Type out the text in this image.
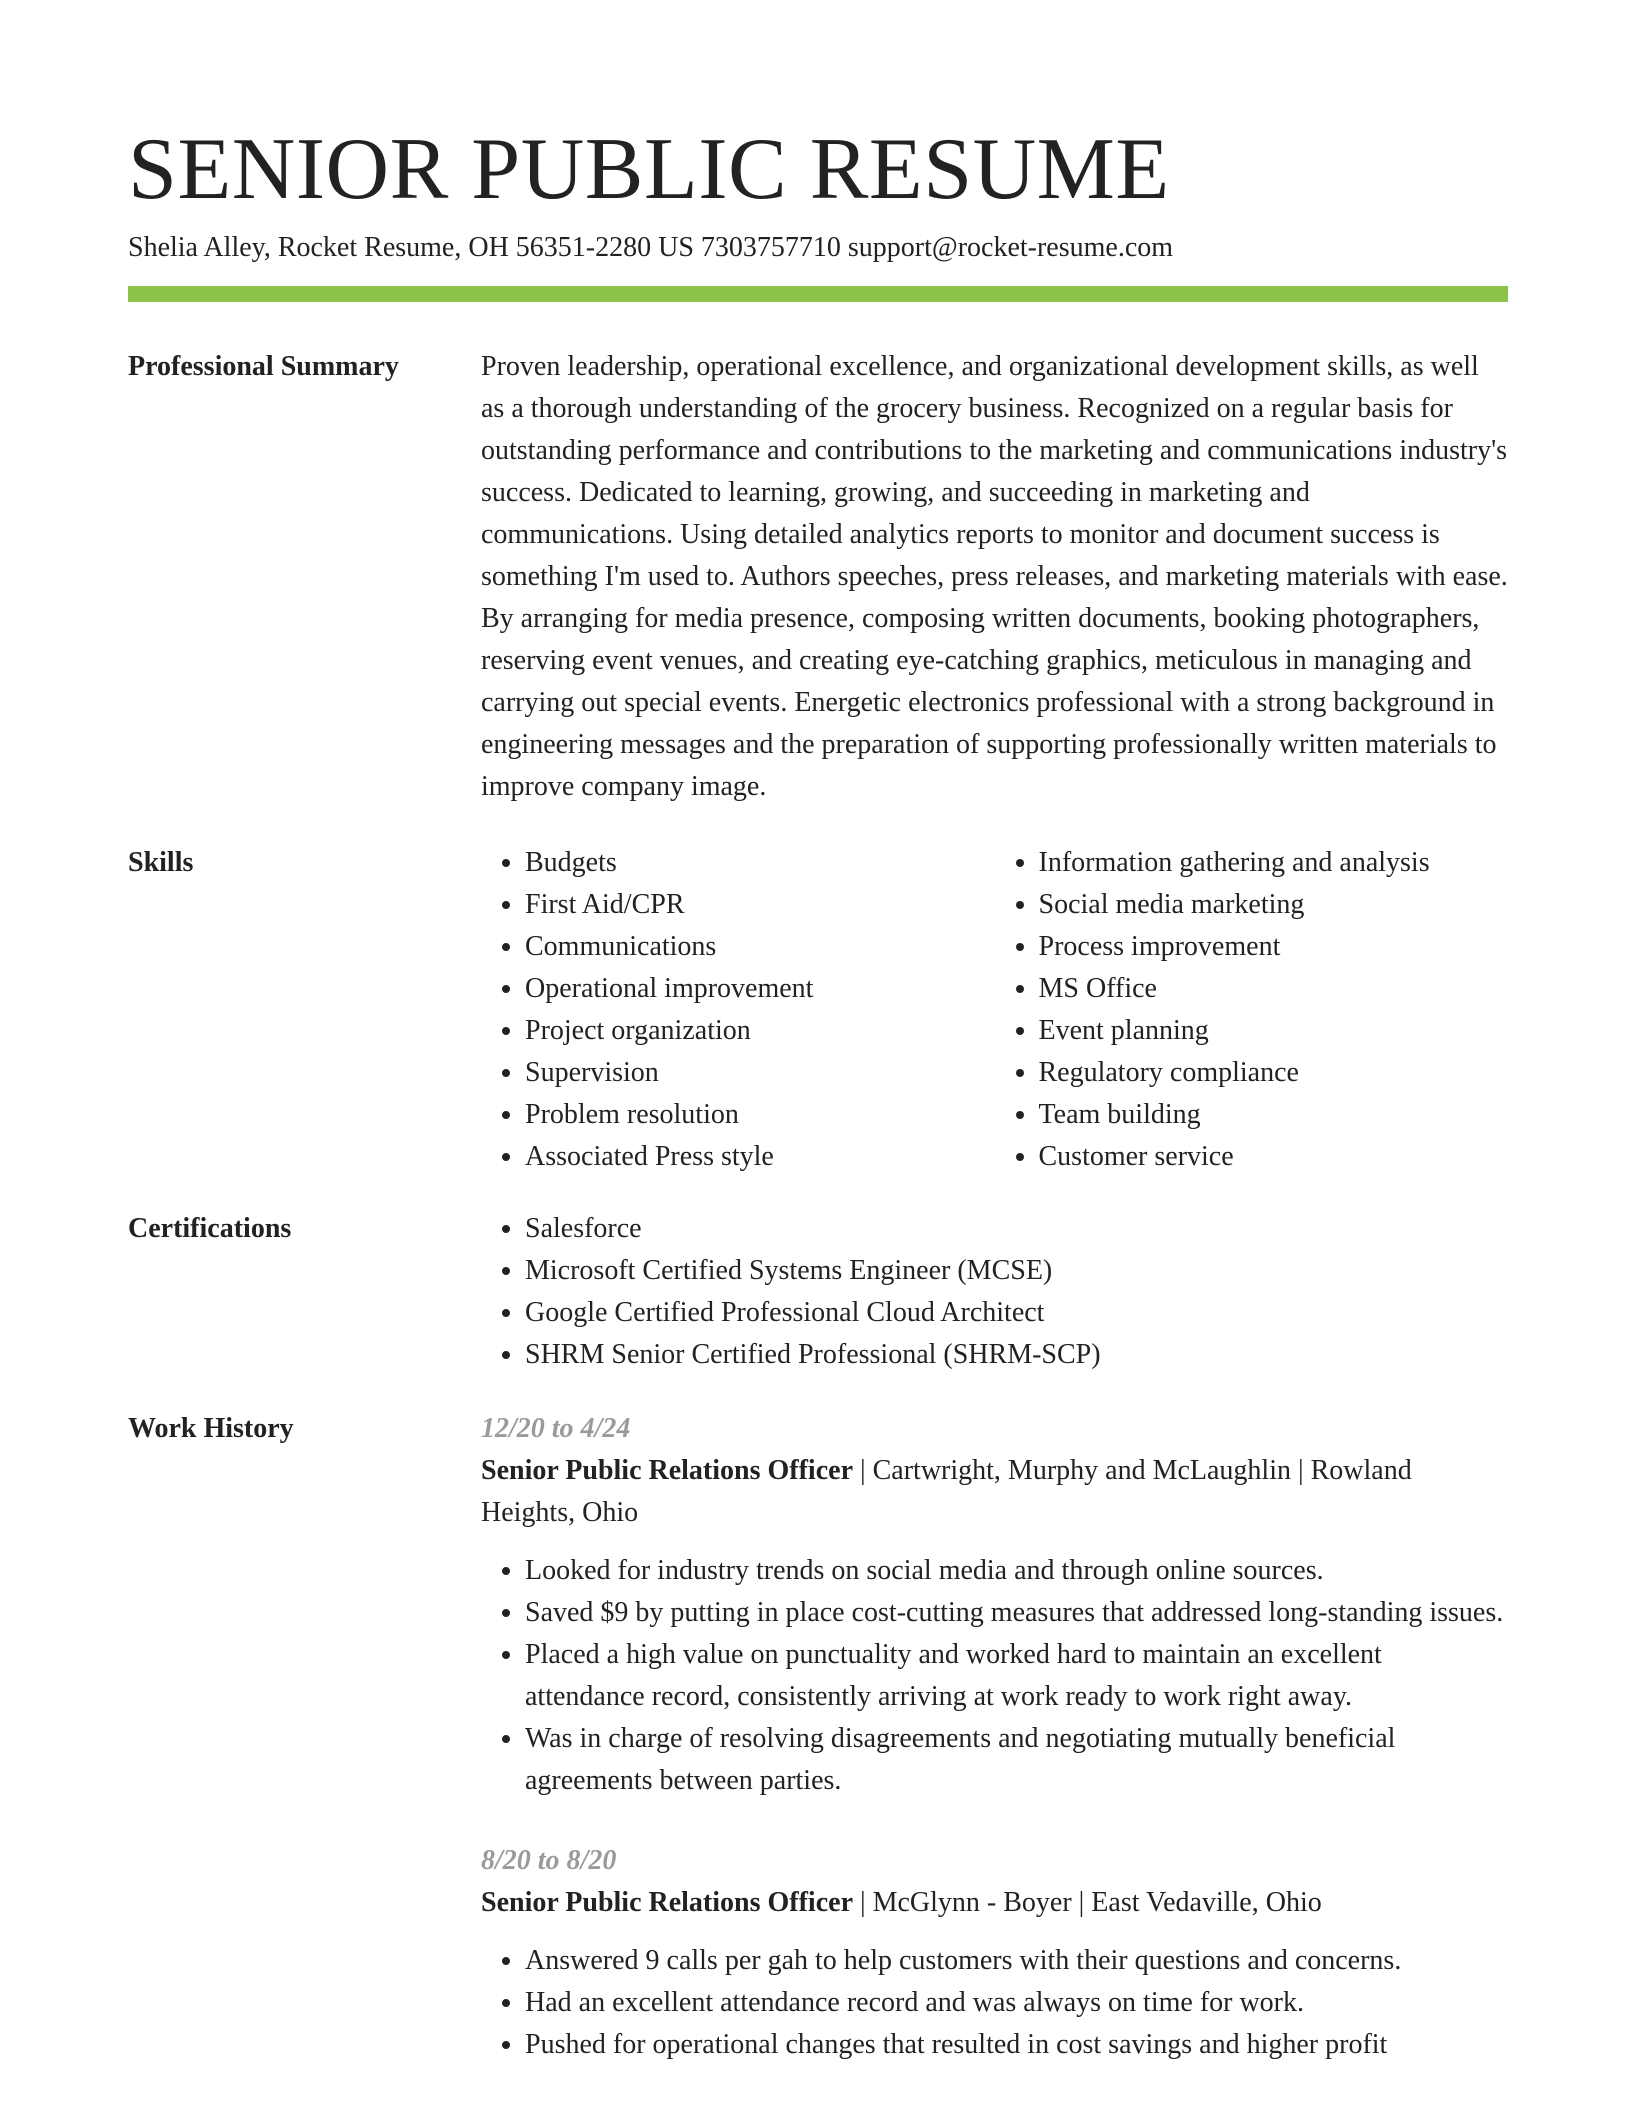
SENIOR PUBLIC RESUME
Shelia Alley, Rocket Resume, OH 56351-2280 US 7303757710 support@rocket-resume.com
Professional Summary	Proven leadership, operational excellence, and organizational development skills, as well as a thorough understanding of the grocery business. Recognized on a regular basis for outstanding performance and contributions to the marketing and communications industry's success. Dedicated to learning, growing, and succeeding in marketing and communications. Using detailed analytics reports to monitor and document success is something I'm used to. Authors speeches, press releases, and marketing materials with ease. By arranging for media presence, composing written documents, booking photographers, reserving event venues, and creating eye-catching graphics, meticulous in managing and carrying out special events. Energetic electronics professional with a strong background in engineering messages and the preparation of supporting professionally written materials to improve company image.

Skills	• Budgets
• First Aid/CPR
• Communications
• Operational improvement
• Project organization
• Supervision
• Problem resolution
• Associated Press style
• Information gathering and analysis
• Social media marketing
• Process improvement
• MS Office
• Event planning
• Regulatory compliance
• Team building
• Customer service
Certifications	• Salesforce
• Microsoft Certified Systems Engineer (MCSE)
• Google Certified Professional Cloud Architect
• SHRM Senior Certified Professional (SHRM-SCP)
Work History	12/20 to 4/24
Senior Public Relations Officer | Cartwright, Murphy and McLaughlin | Rowland Heights, Ohio
• Looked for industry trends on social media and through online sources.
• Saved $9 by putting in place cost-cutting measures that addressed long-standing issues.
• Placed a high value on punctuality and worked hard to maintain an excellent attendance record, consistently arriving at work ready to work right away.
• Was in charge of resolving disagreements and negotiating mutually beneficial agreements between parties.
8/20 to 8/20
Senior Public Relations Officer | McGlynn - Boyer | East Vedaville, Ohio
• Answered 9 calls per gah to help customers with their questions and concerns.
• Had an excellent attendance record and was always on time for work.
• Pushed for operational changes that resulted in cost savings and higher profit
